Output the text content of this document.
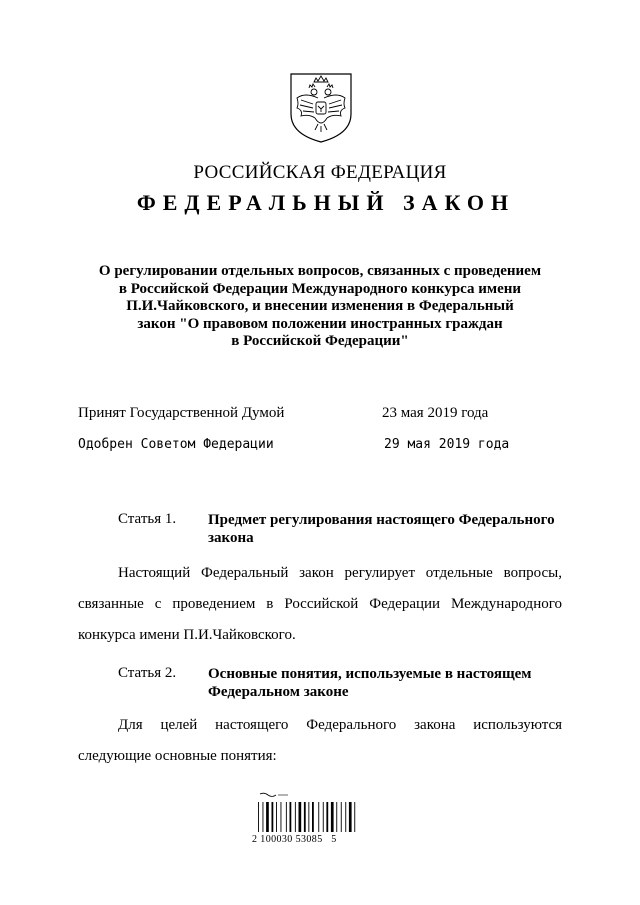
РОССИЙСКАЯ ФЕДЕРАЦИЯ
ФЕДЕРАЛЬНЫЙ ЗАКОН
О регулировании отдельных вопросов, связанных с проведением
в Российской Федерации Международного конкурса имени
П.И.Чайковского, и внесении изменения в Федеральный
закон "О правовом положении иностранных граждан
в Российской Федерации"
Принят Государственной Думой	23 мая 2019 года
Одобрен Советом Федерации	29 мая 2019 года
Статья 1. Предмет регулирования настоящего Федерального закона
Настоящий Федеральный закон регулирует отдельные вопросы,
связанные с проведением в Российской Федерации Международного
конкурса имени П.И.Чайковского.
Статья 2. Основные понятия, используемые в настоящем
Федеральном законе
Для целей настоящего Федерального закона используются
следующие основные понятия:
2 100030 53085   5
